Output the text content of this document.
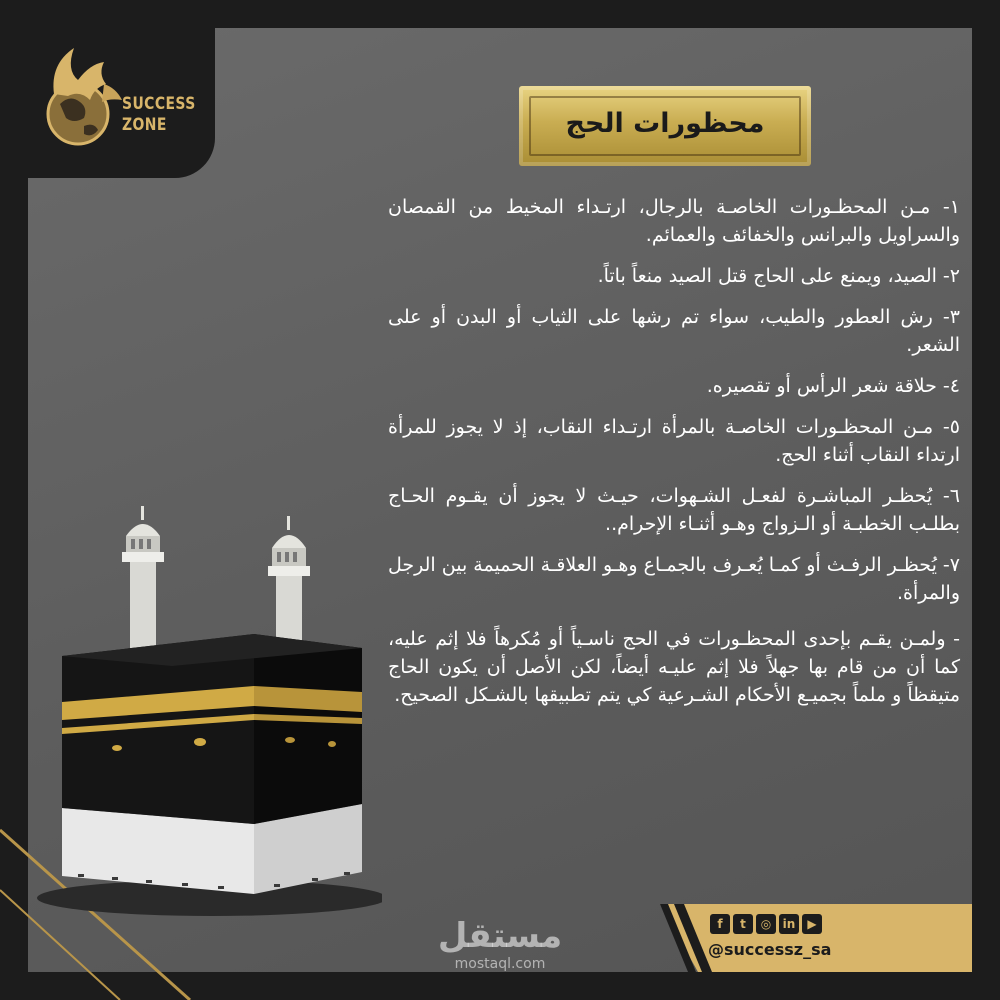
SUCCESS
ZONE	محظورات الحج

١- مـن المحظـورات الخاصـة بالرجال، ارتـداء المخيط من القمصان والسراويل والبرانس والخفائف والعمائم.

٢- الصيد، ويمنع على الحاج قتل الصيد منعاً باتاً.

٣- رش العطور والطيب، سواء تم رشها على الثياب أو البدن أو على الشعر.

٤- حلاقة شعر الرأس أو تقصيره.

٥- مـن المحظـورات الخاصـة بالمرأة ارتـداء النقاب، إذ لا يجوز للمرأة ارتداء النقاب أثناء الحج.

٦- يُحظـر المباشـرة لفعـل الشـهوات، حيـث لا يجوز أن يقـوم الحـاج بطلـب الخطبـة أو الـزواج وهـو أثنـاء الإحرام..

٧- يُحظـر الرفـث أو كمـا يُعـرف بالجمـاع وهـو العلاقـة الحميمة بين الرجل والمرأة.

- ولمـن يقـم بإحدى المحظـورات في الحج ناسـياً أو مُكرهاً فلا إثم عليه، كما أن من قام بها جهلاً فلا إثم عليـه أيضاً، لكن الأصل أن يكون الحاج متيقظاً و ملماً بجميـع الأحكام الشـرعية كي يتم تطبيقها بالشـكل الصحيح.

مستقل
mostaql.com
f	t	◎ in	▶
@successz_sa
